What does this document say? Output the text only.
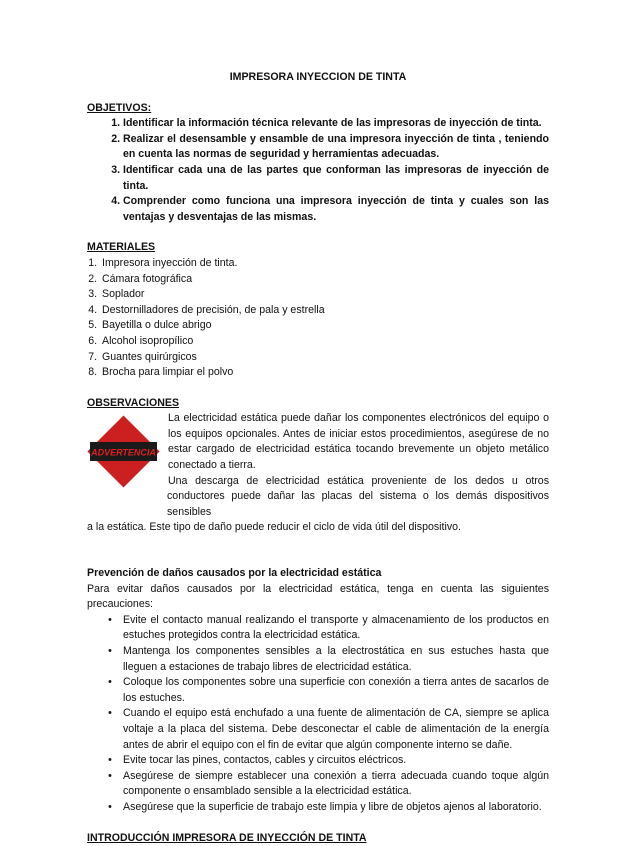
IMPRESORA INYECCION DE TINTA
OBJETIVOS:
1. Identificar la información técnica relevante de las impresoras de inyección de tinta.
2. Realizar el desensamble y ensamble de una impresora inyección de tinta , teniendo en cuenta las normas de seguridad y herramientas adecuadas.
3. Identificar cada una de las partes que conforman las impresoras de inyección de tinta.
4. Comprender como funciona una impresora inyección de tinta y cuales son las ventajas y desventajas de las mismas.
MATERIALES
1. Impresora inyección de tinta.
2. Cámara fotográfica
3. Soplador
4. Destornilladores de precisión, de pala y estrella
5. Bayetilla o dulce abrigo
6. Alcohol isopropílico
7. Guantes quirúrgicos
8. Brocha para limpiar el polvo
OBSERVACIONES
ADVERTENCIA

La electricidad estática puede dañar los componentes electrónicos del equipo o los equipos opcionales. Antes de iniciar estos procedimientos, asegúrese de no estar cargado de electricidad estática tocando brevemente un objeto metálico conectado a tierra.

Una descarga de electricidad estática proveniente de los dedos u otros conductores puede dañar las placas del sistema o los demás dispositivos sensibles

a la estática. Este tipo de daño puede reducir el ciclo de vida útil del dispositivo.

Prevención de daños causados por la electricidad estática

Para evitar daños causados por la electricidad estática, tenga en cuenta las siguientes precauciones:

• Evite el contacto manual realizando el transporte y almacenamiento de los productos en estuches protegidos contra la electricidad estática.
• Mantenga los componentes sensibles a la electrostática en sus estuches hasta que lleguen a estaciones de trabajo libres de electricidad estática.
• Coloque los componentes sobre una superficie con conexión a tierra antes de sacarlos de los estuches.
• Cuando el equipo está enchufado a una fuente de alimentación de CA, siempre se aplica voltaje a la placa del sistema. Debe desconectar el cable de alimentación de la energía antes de abrir el equipo con el fin de evitar que algún componente interno se dañe.
• Evite tocar las pines, contactos, cables y circuitos eléctricos.
• Asegúrese de siempre establecer una conexión a tierra adecuada cuando toque algún componente o ensamblado sensible a la electricidad estática.
• Asegúrese que la superficie de trabajo este limpia y libre de objetos ajenos al laboratorio.
INTRODUCCIÓN IMPRESORA DE INYECCIÓN DE TINTA
